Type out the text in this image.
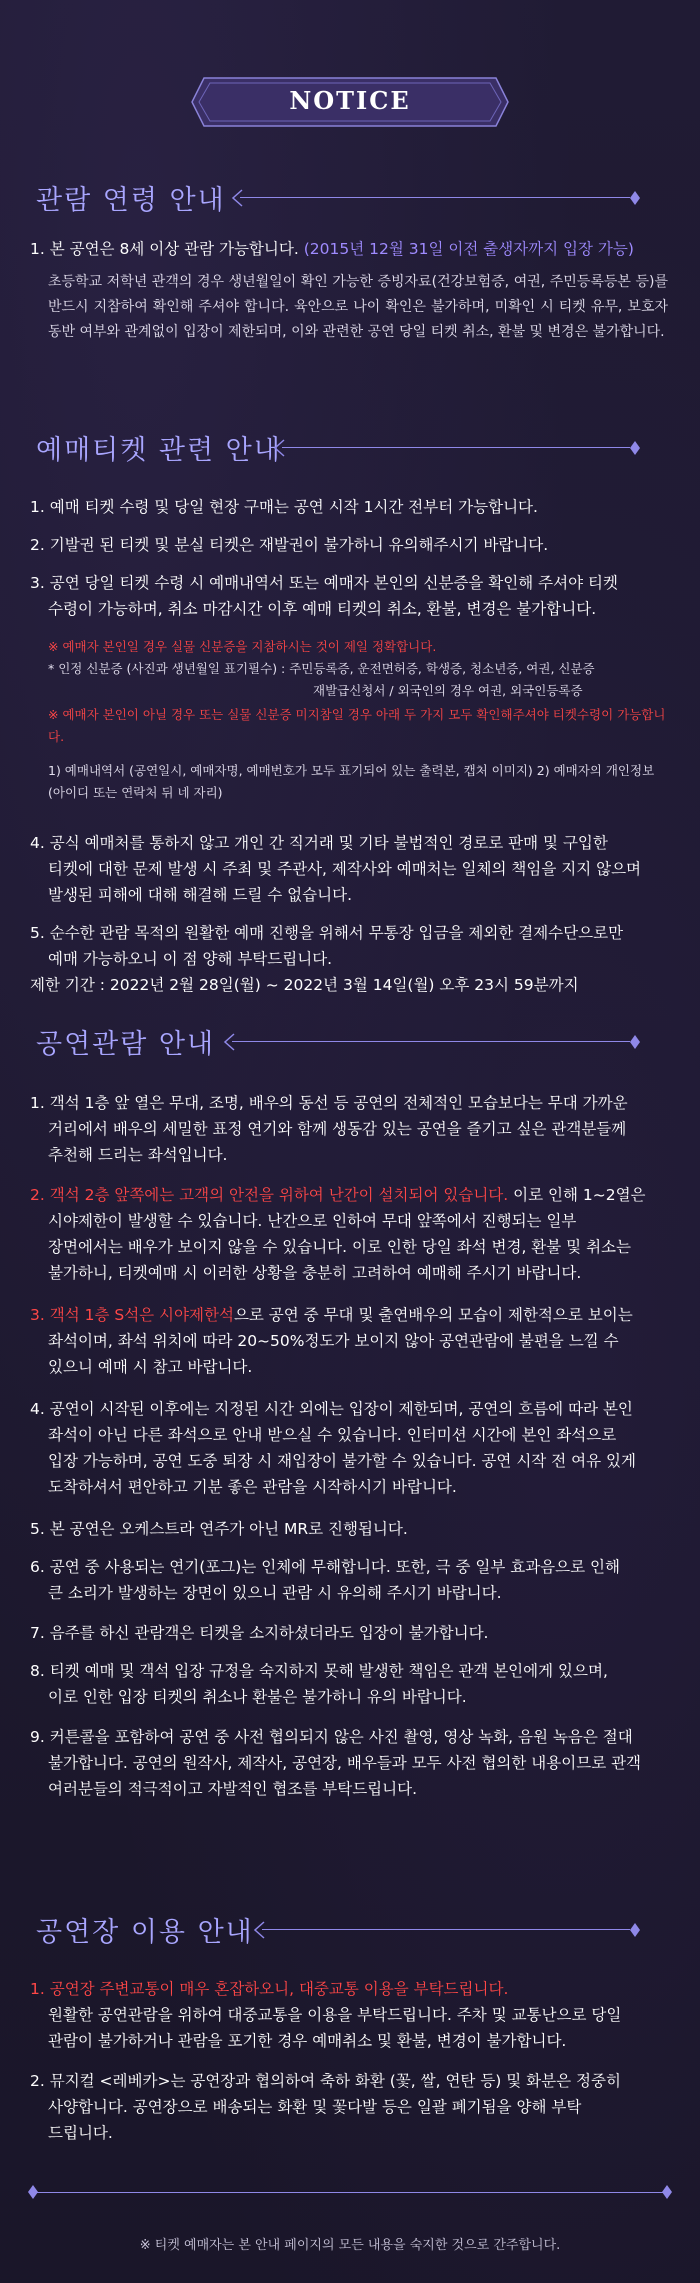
NOTICE
관람 연령 안내
1. 본 공연은 8세 이상 관람 가능합니다. (2015년 12월 31일 이전 출생자까지 입장 가능)
초등학교 저학년 관객의 경우 생년월일이 확인 가능한 증빙자료(건강보험증, 여권, 주민등록등본 등)를 반드시 지참하여 확인해 주셔야 합니다. 육안으로 나이 확인은 불가하며, 미확인 시 티켓 유무, 보호자 동반 여부와 관계없이 입장이 제한되며, 이와 관련한 공연 당일 티켓 취소, 환불 및 변경은 불가합니다.
예매티켓 관련 안내
1. 예매 티켓 수령 및 당일 현장 구매는 공연 시작 1시간 전부터 가능합니다.
2. 기발권 된 티켓 및 분실 티켓은 재발권이 불가하니 유의해주시기 바랍니다.
3. 공연 당일 티켓 수령 시 예매내역서 또는 예매자 본인의 신분증을 확인해 주셔야 티켓
수령이 가능하며, 취소 마감시간 이후 예매 티켓의 취소, 환불, 변경은 불가합니다.
※ 예매자 본인일 경우 실물 신분증을 지참하시는 것이 제일 정확합니다.
* 인정 신분증 (사진과 생년월일 표기필수) : 주민등록증, 운전면허증, 학생증, 청소년증, 여권, 신분증 재발급신청서 / 외국인의 경우 여권, 외국인등록증
※ 예매자 본인이 아닐 경우 또는 실물 신분증 미지참일 경우 아래 두 가지 모두 확인해주셔야 티켓수령이 가능합니다.
1) 예매내역서 (공연일시, 예매자명, 예매번호가 모두 표기되어 있는 출력본, 캡처 이미지) 2) 예매자의 개인정보 (아이디 또는 연락처 뒤 네 자리)
4. 공식 예매처를 통하지 않고 개인 간 직거래 및 기타 불법적인 경로로 판매 및 구입한
티켓에 대한 문제 발생 시 주최 및 주관사, 제작사와 예매처는 일체의 책임을 지지 않으며
발생된 피해에 대해 해결해 드릴 수 없습니다.
5. 순수한 관람 목적의 원활한 예매 진행을 위해서 무통장 입금을 제외한 결제수단으로만
예매 가능하오니 이 점 양해 부탁드립니다.
제한 기간 : 2022년 2월 28일(월) ~ 2022년 3월 14일(월) 오후 23시 59분까지
공연관람 안내
1. 객석 1층 앞 열은 무대, 조명, 배우의 동선 등 공연의 전체적인 모습보다는 무대 가까운
거리에서 배우의 세밀한 표정 연기와 함께 생동감 있는 공연을 즐기고 싶은 관객분들께
추천해 드리는 좌석입니다.
2. 객석 2층 앞쪽에는 고객의 안전을 위하여 난간이 설치되어 있습니다. 이로 인해 1~2열은
시야제한이 발생할 수 있습니다. 난간으로 인하여 무대 앞쪽에서 진행되는 일부
장면에서는 배우가 보이지 않을 수 있습니다. 이로 인한 당일 좌석 변경, 환불 및 취소는
불가하니, 티켓예매 시 이러한 상황을 충분히 고려하여 예매해 주시기 바랍니다.
3. 객석 1층 S석은 시야제한석으로 공연 중 무대 및 출연배우의 모습이 제한적으로 보이는
좌석이며, 좌석 위치에 따라 20~50%정도가 보이지 않아 공연관람에 불편을 느낄 수
있으니 예매 시 참고 바랍니다.
4. 공연이 시작된 이후에는 지정된 시간 외에는 입장이 제한되며, 공연의 흐름에 따라 본인
좌석이 아닌 다른 좌석으로 안내 받으실 수 있습니다. 인터미션 시간에 본인 좌석으로
입장 가능하며, 공연 도중 퇴장 시 재입장이 불가할 수 있습니다. 공연 시작 전 여유 있게
도착하셔서 편안하고 기분 좋은 관람을 시작하시기 바랍니다.
5. 본 공연은 오케스트라 연주가 아닌 MR로 진행됩니다.
6. 공연 중 사용되는 연기(포그)는 인체에 무해합니다. 또한, 극 중 일부 효과음으로 인해
큰 소리가 발생하는 장면이 있으니 관람 시 유의해 주시기 바랍니다.
7. 음주를 하신 관람객은 티켓을 소지하셨더라도 입장이 불가합니다.
8. 티켓 예매 및 객석 입장 규정을 숙지하지 못해 발생한 책임은 관객 본인에게 있으며,
이로 인한 입장 티켓의 취소나 환불은 불가하니 유의 바랍니다.
9. 커튼콜을 포함하여 공연 중 사전 협의되지 않은 사진 촬영, 영상 녹화, 음원 녹음은 절대
불가합니다. 공연의 원작사, 제작사, 공연장, 배우들과 모두 사전 협의한 내용이므로 관객
여러분들의 적극적이고 자발적인 협조를 부탁드립니다.
공연장 이용 안내
1. 공연장 주변교통이 매우 혼잡하오니, 대중교통 이용을 부탁드립니다.
원활한 공연관람을 위하여 대중교통을 이용을 부탁드립니다. 주차 및 교통난으로 당일
관람이 불가하거나 관람을 포기한 경우 예매취소 및 환불, 변경이 불가합니다.
2. 뮤지컬 <레베카>는 공연장과 협의하여 축하 화환 (꽃, 쌀, 연탄 등) 및 화분은 정중히
사양합니다. 공연장으로 배송되는 화환 및 꽃다발 등은 일괄 폐기됨을 양해 부탁
드립니다.
※ 티켓 예매자는 본 안내 페이지의 모든 내용을 숙지한 것으로 간주합니다.
